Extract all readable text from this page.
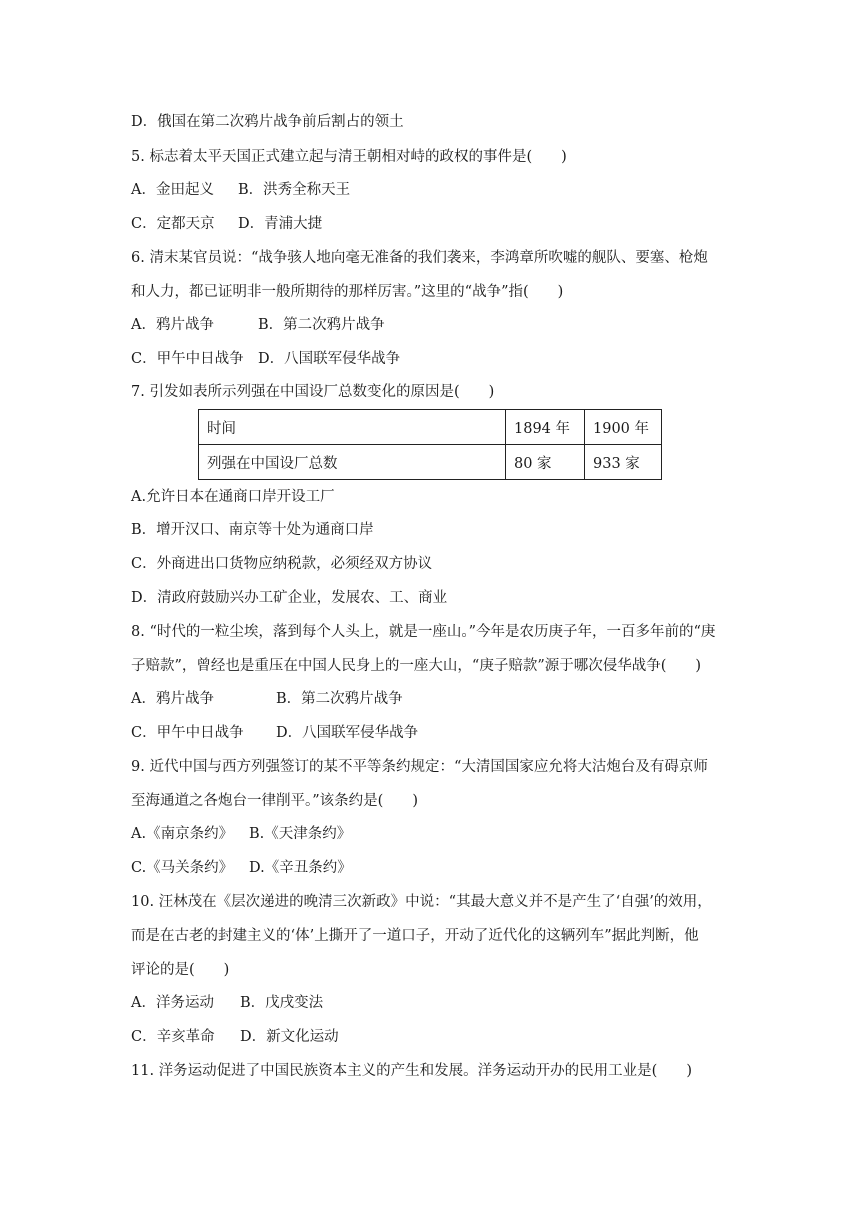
D．俄国在第二次鸦片战争前后割占的领土
5. 标志着太平天国正式建立起与清王朝相对峙的政权的事件是(　　)
A．金田起义 B．洪秀全称天王
C．定都天京 D．青浦大捷
6. 清末某官员说：“战争骇人地向毫无准备的我们袭来，李鸿章所吹嘘的舰队、要塞、枪炮
和人力，都已证明非一般所期待的那样厉害。”这里的“战争”指(　　)
A．鸦片战争	B．第二次鸦片战争
C．甲午中日战争 D．八国联军侵华战争
7. 引发如表所示列强在中国设厂总数变化的原因是(　　)
时间	1894 年	1900 年
列强在中国设厂总数	80 家	933 家
A.允许日本在通商口岸开设工厂
B．增开汉口、南京等十处为通商口岸
C．外商进出口货物应纳税款，必须经双方协议
D．清政府鼓励兴办工矿企业，发展农、工、商业
8. “时代的一粒尘埃，落到每个人头上，就是一座山。”今年是农历庚子年，一百多年前的“庚
子赔款”，曾经也是重压在中国人民身上的一座大山，“庚子赔款”源于哪次侵华战争(　　)
A．鸦片战争	B．第二次鸦片战争
C．甲午中日战争 D．八国联军侵华战争
9. 近代中国与西方列强签订的某不平等条约规定：“大清国国家应允将大沽炮台及有碍京师
至海通道之各炮台一律削平。”该条约是(　　)
A.《南京条约》 B.《天津条约》
C.《马关条约》 D.《辛丑条约》
10. 汪林茂在《层次递进的晚清三次新政》中说：“其最大意义并不是产生了‘自强’的效用，
而是在古老的封建主义的‘体’上撕开了一道口子，开动了近代化的这辆列车”据此判断，他
评论的是(　　)
A．洋务运动 B．戊戌变法
C．辛亥革命 D．新文化运动
11. 洋务运动促进了中国民族资本主义的产生和发展。洋务运动开办的民用工业是(　　)
